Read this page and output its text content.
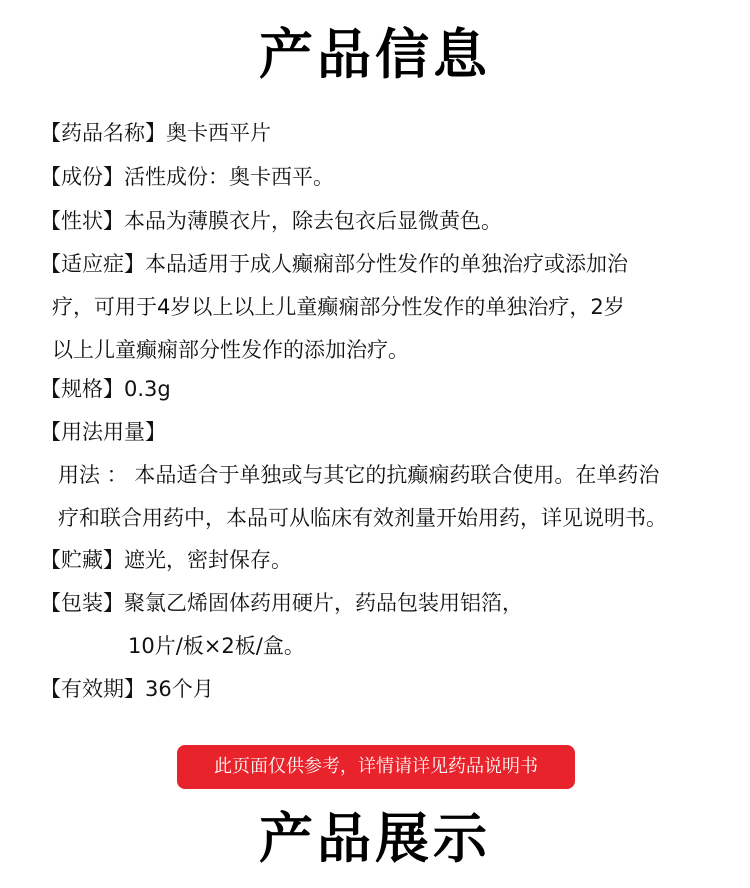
产品信息
【药品名称】奥卡西平片
【成份】活性成份：奥卡西平。
【性状】本品为薄膜衣片，除去包衣后显微黄色。
【适应症】本品适用于成人癫痫部分性发作的单独治疗或添加治
疗，可用于4岁以上以上儿童癫痫部分性发作的单独治疗，2岁
以上儿童癫痫部分性发作的添加治疗。
【规格】0.3g
【用法用量】
用法 ： 本品适合于单独或与其它的抗癫痫药联合使用。在单药治
疗和联合用药中，本品可从临床有效剂量开始用药，详见说明书。
【贮藏】遮光，密封保存。
【包装】聚氯乙烯固体药用硬片，药品包装用铝箔，
10片/板×2板/盒。
【有效期】36个月
此页面仅供参考，详情请详见药品说明书
产品展示
